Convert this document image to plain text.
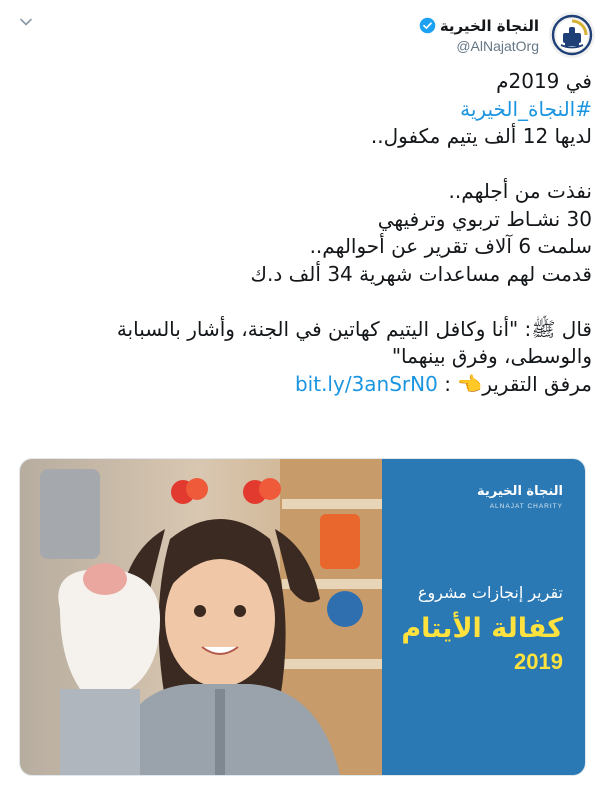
النجاة الخيرية
@AlNajatOrg
في 2019م
#النجاة_الخيرية
لديها 12 ألف يتيم مكفول..
نفذت من أجلهم..
30 نشـاط تربوي وترفيهي
سلمت 6 آلاف تقرير عن أحوالهم..
قدمت لهم مساعدات شهرية 34 ألف د.ك
قال ﷺ: "أنا وكافل اليتيم كهاتين في الجنة، وأشار بالسبابة
والوسطى، وفرق بينهما"
مرفق التقرير👈 : bit.ly/3anSrN0
النجاة الخيرية
ALNAJAT CHARITY
تقرير إنجازات مشروع
كفالة الأيتام
2019
